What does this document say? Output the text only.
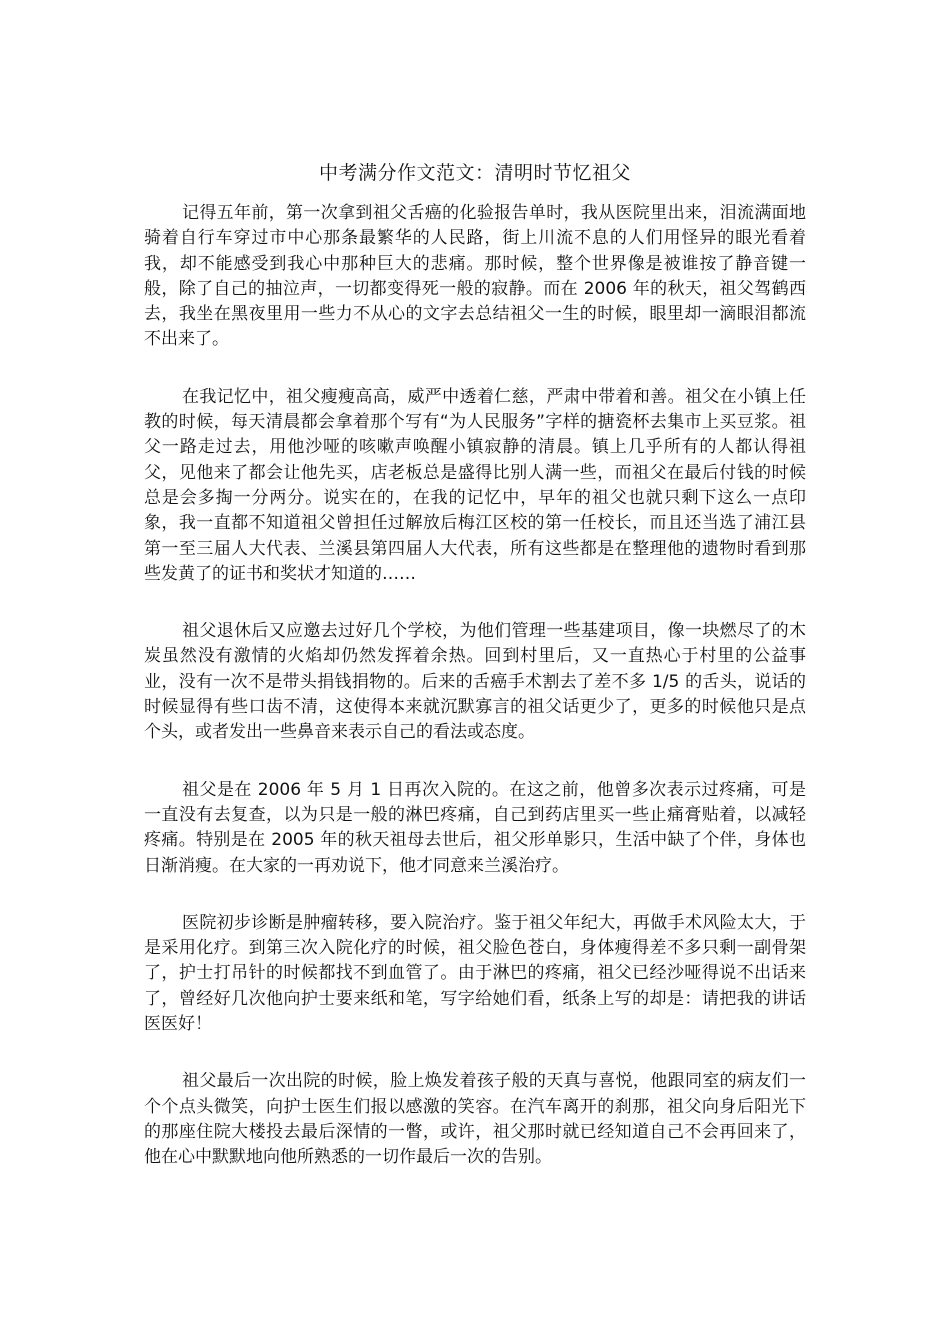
中考满分作文范文：清明时节忆祖父

记得五年前，第一次拿到祖父舌癌的化验报告单时，我从医院里出来，泪流满面地骑着自行车穿过市中心那条最繁华的人民路，街上川流不息的人们用怪异的眼光看着我，却不能感受到我心中那种巨大的悲痛。那时候，整个世界像是被谁按了静音键一般，除了自己的抽泣声，一切都变得死一般的寂静。而在 2006 年的秋天，祖父驾鹤西去，我坐在黑夜里用一些力不从心的文字去总结祖父一生的时候，眼里却一滴眼泪都流不出来了。

在我记忆中，祖父瘦瘦高高，威严中透着仁慈，严肃中带着和善。祖父在小镇上任教的时候，每天清晨都会拿着那个写有“为人民服务”字样的搪瓷杯去集市上买豆浆。祖父一路走过去，用他沙哑的咳嗽声唤醒小镇寂静的清晨。镇上几乎所有的人都认得祖父，见他来了都会让他先买，店老板总是盛得比别人满一些，而祖父在最后付钱的时候总是会多掏一分两分。说实在的，在我的记忆中，早年的祖父也就只剩下这么一点印象，我一直都不知道祖父曾担任过解放后梅江区校的第一任校长，而且还当选了浦江县第一至三届人大代表、兰溪县第四届人大代表，所有这些都是在整理他的遗物时看到那些发黄了的证书和奖状才知道的……

祖父退休后又应邀去过好几个学校，为他们管理一些基建项目，像一块燃尽了的木炭虽然没有激情的火焰却仍然发挥着余热。回到村里后，又一直热心于村里的公益事业，没有一次不是带头捐钱捐物的。后来的舌癌手术割去了差不多 1/5 的舌头，说话的时候显得有些口齿不清，这使得本来就沉默寡言的祖父话更少了，更多的时候他只是点个头，或者发出一些鼻音来表示自己的看法或态度。

祖父是在 2006 年 5 月 1 日再次入院的。在这之前，他曾多次表示过疼痛，可是一直没有去复查，以为只是一般的淋巴疼痛，自己到药店里买一些止痛膏贴着，以减轻疼痛。特别是在 2005 年的秋天祖母去世后，祖父形单影只，生活中缺了个伴，身体也日渐消瘦。在大家的一再劝说下，他才同意来兰溪治疗。

医院初步诊断是肿瘤转移，要入院治疗。鉴于祖父年纪大，再做手术风险太大，于是采用化疗。到第三次入院化疗的时候，祖父脸色苍白，身体瘦得差不多只剩一副骨架了，护士打吊针的时候都找不到血管了。由于淋巴的疼痛，祖父已经沙哑得说不出话来了，曾经好几次他向护士要来纸和笔，写字给她们看，纸条上写的却是：请把我的讲话医医好！

祖父最后一次出院的时候，脸上焕发着孩子般的天真与喜悦，他跟同室的病友们一个个点头微笑，向护士医生们报以感激的笑容。在汽车离开的刹那，祖父向身后阳光下的那座住院大楼投去最后深情的一瞥，或许，祖父那时就已经知道自己不会再回来了，他在心中默默地向他所熟悉的一切作最后一次的告别。
